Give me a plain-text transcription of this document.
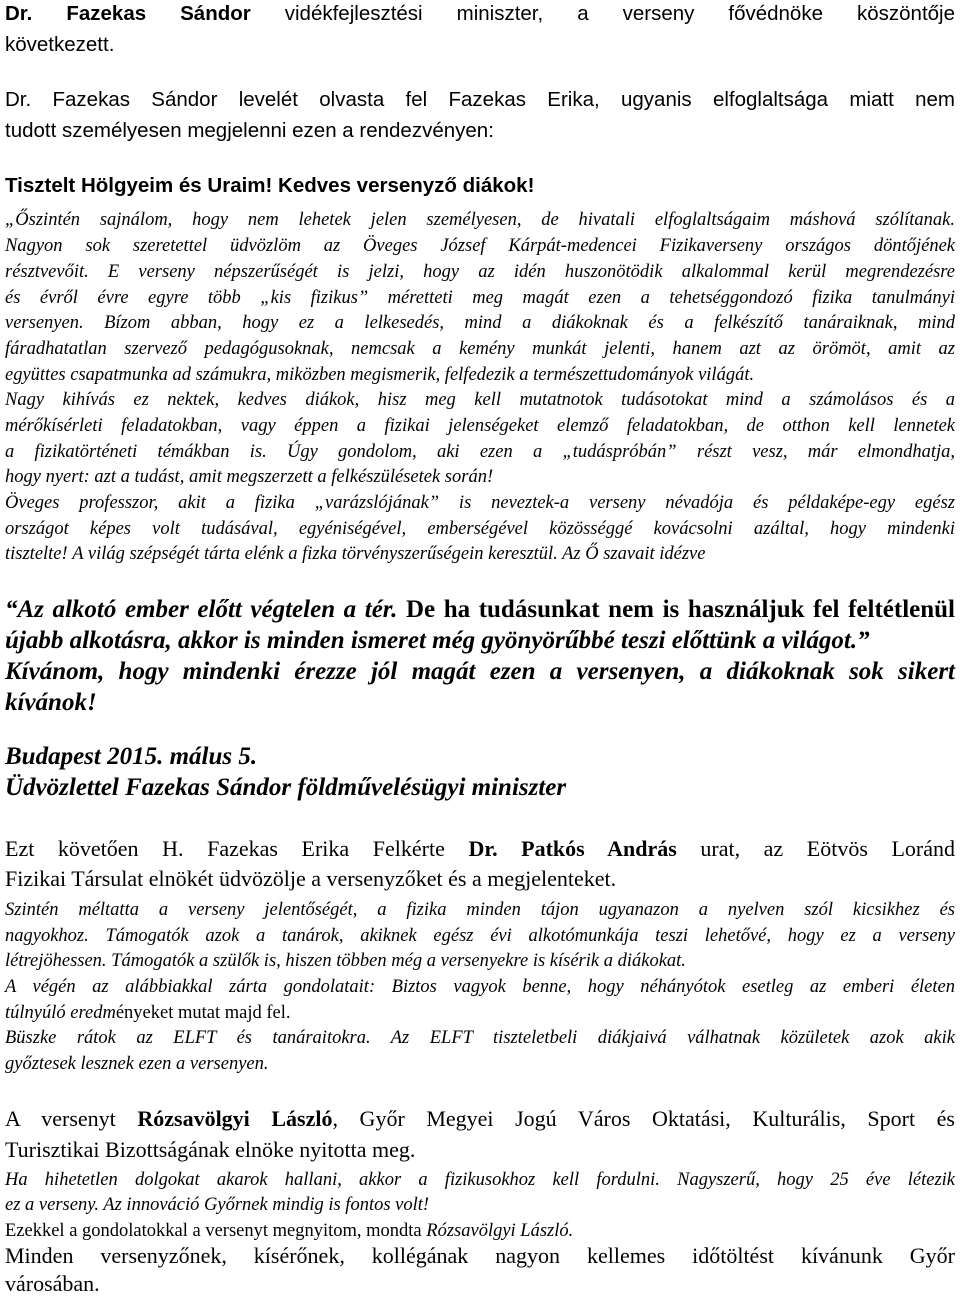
Dr. Fazekas Sándor vidékfejlesztési miniszter, a verseny fővédnöke köszöntője
következett.
Dr. Fazekas Sándor levelét olvasta fel Fazekas Erika, ugyanis elfoglaltsága miatt nem
tudott személyesen megjelenni ezen a rendezvényen:
Tisztelt Hölgyeim és Uraim! Kedves versenyző diákok!
„Őszintén sajnálom, hogy nem lehetek jelen személyesen, de hivatali elfoglaltságaim máshová szólítanak.
Nagyon sok szeretettel üdvözlöm az Öveges József Kárpát-medencei Fizikaverseny országos döntőjének
résztvevőit. E verseny népszerűségét is jelzi, hogy az idén huszonötödik alkalommal kerül megrendezésre
és évről évre egyre több „kis fizikus” méretteti meg magát ezen a tehetséggondozó fizika tanulmányi
versenyen. Bízom abban, hogy ez a lelkesedés, mind a diákoknak és a felkészítő tanáraiknak, mind
fáradhatatlan szervező pedagógusoknak, nemcsak a kemény munkát jelenti, hanem azt az örömöt, amit az
együttes csapatmunka ad számukra, miközben megismerik, felfedezik a természettudományok világát.
Nagy kihívás ez nektek, kedves diákok, hisz meg kell mutatnotok tudásotokat mind a számolásos és a
mérőkísérleti feladatokban, vagy éppen a fizikai jelenségeket elemző feladatokban, de otthon kell lennetek
a fizikatörténeti témákban is. Úgy gondolom, aki ezen a „tudáspróbán” részt vesz, már elmondhatja,
hogy nyert: azt a tudást, amit megszerzett a felkészülésetek során!
Öveges professzor, akit a fizika „varázslójának” is neveztek-a verseny névadója és példaképe-egy egész
országot képes volt tudásával, egyéniségével, emberségével közösséggé kovácsolni azáltal, hogy mindenki
tiszteltе! A világ szépségét tárta elénk a fizka törvényszerűségein keresztül. Az Ő szavait idézve
“Az alkotó ember előtt végtelen a tér. De ha tudásunkat nem is használjuk fel feltétlenül
újabb alkotásra, akkor is minden ismeret még gyönyörűbbé teszi előttünk a világot.”
Kívánom, hogy mindenki érezze jól magát ezen a versenyen, a diákoknak sok sikert
kívánok!
Budapest 2015. málus 5.
Üdvözlettel Fazekas Sándor földművelésügyi miniszter
Ezt követően H. Fazekas Erika Felkérte Dr. Patkós András urat, az Eötvös Loránd
Fizikai Társulat elnökét üdvözölje a versenyzőket és a megjelenteket.
Szintén méltatta a verseny jelentőségét, a fizika minden tájon ugyanazon a nyelven szól kicsikhez és
nagyokhoz. Támogatók azok a tanárok, akiknek egész évi alkotómunkája teszi lehetővé, hogy ez a verseny
létrejöhessen. Támogatók a szülők is, hiszen többen még a versenyekre is kísérik a diákokat.
A végén az alábbiakkal zárta gondolatait: Biztos vagyok benne, hogy néhányótok esetleg az emberi életen
túlnyúló eredményeket mutat majd fel.
Büszke rátok az ELFT és tanáraitokra. Az ELFT tiszteletbeli diákjaivá válhatnak közületek azok akik
győztesek lesznek ezen a versenyen.
A versenyt Rózsavölgyi László, Győr Megyei Jogú Város Oktatási, Kulturális, Sport és
Turisztikai Bizottságának elnöke nyitotta meg.
Ha hihetetlen dolgokat akarok hallani, akkor a fizikusokhoz kell fordulni. Nagyszerű, hogy 25 éve létezik
ez a verseny. Az innováció Győrnek mindig is fontos volt!
Ezekkel a gondolatokkal a versenyt megnyitom, mondta Rózsavölgyi László.
Minden versenyzőnek, kísérőnek, kollégának nagyon kellemes időtöltést kívánunk Győr
városában.
